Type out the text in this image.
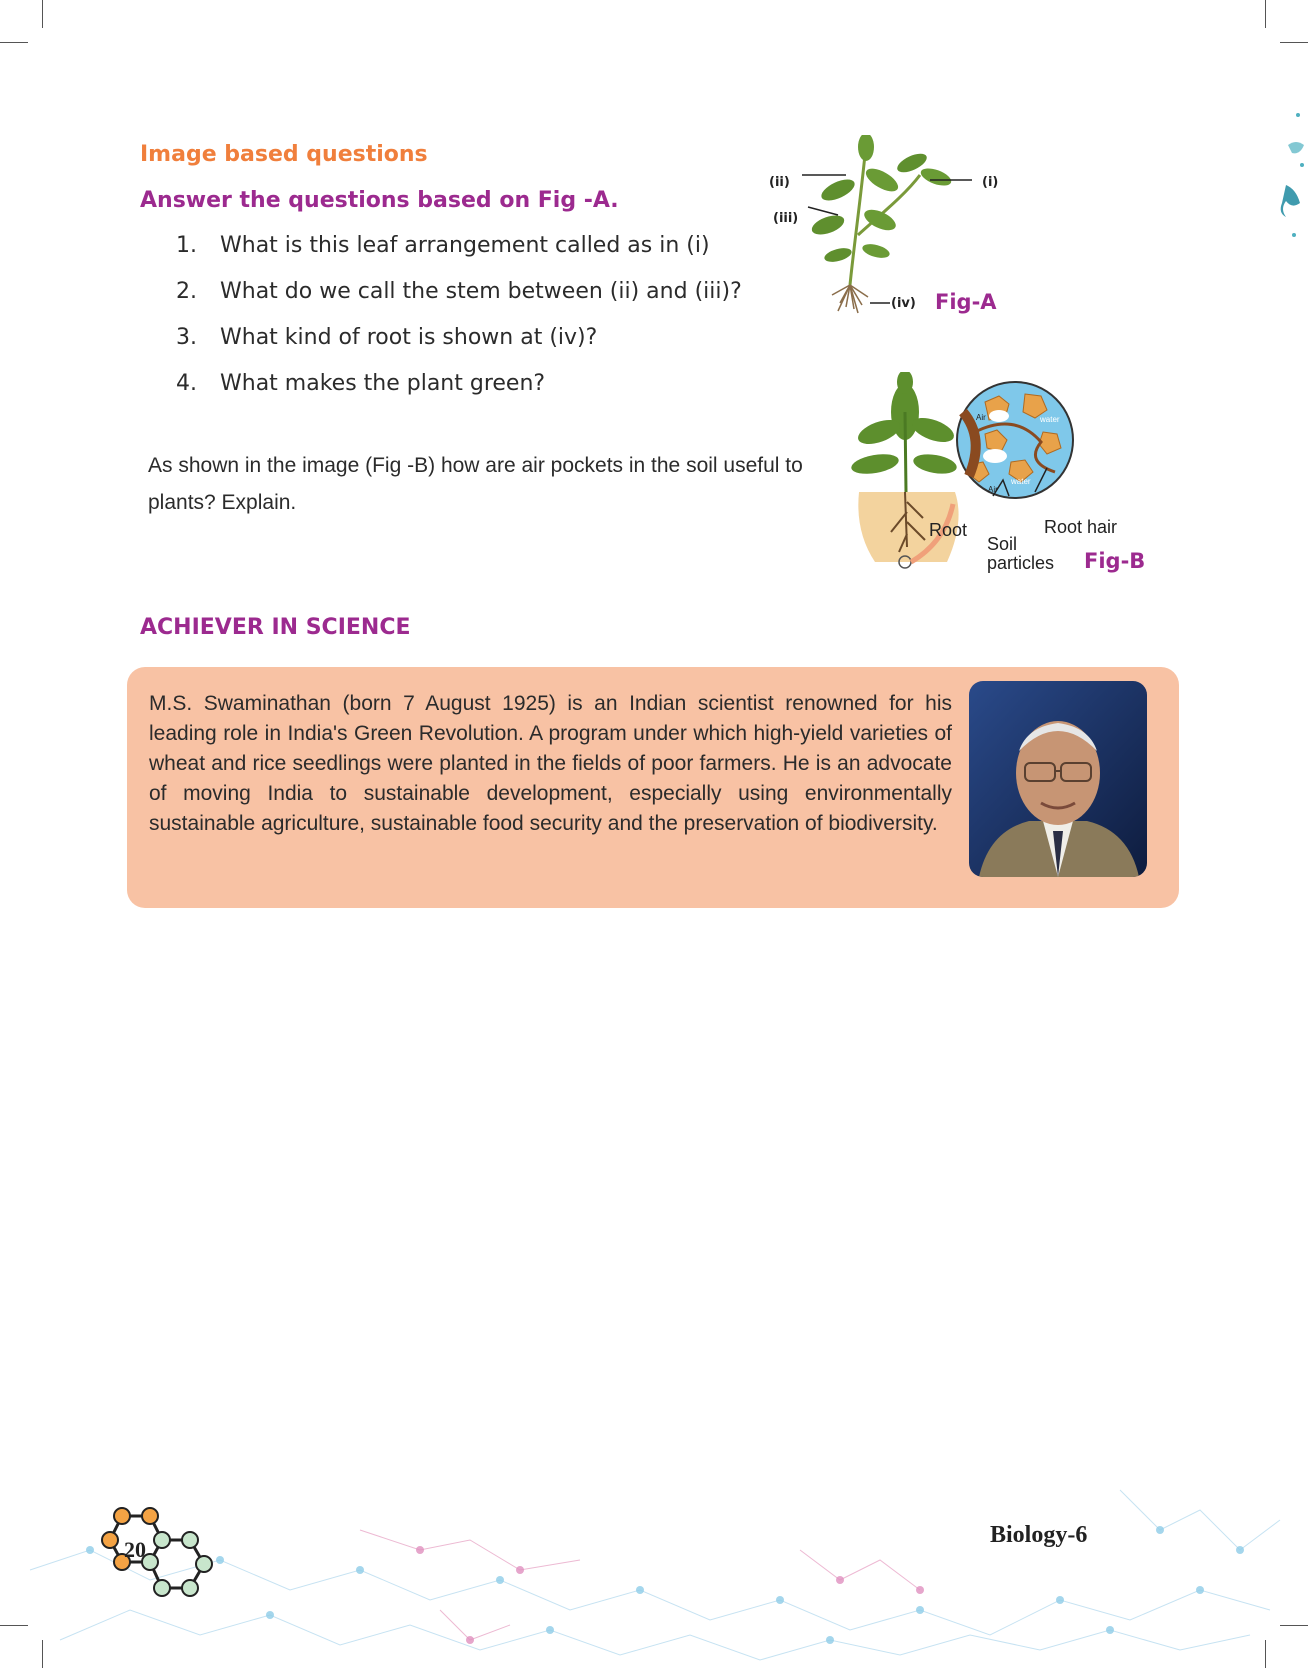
Image based questions
Answer the questions based on Fig -A.
1. What is this leaf arrangement called as in (i)
2. What do we call the stem between (ii) and (iii)?
3. What kind of root is shown at (iv)?
4. What makes the plant green?
As shown in the image (Fig -B) how are air pockets in the soil useful to plants? Explain.
(ii)	(i)
(iii)
(iv) Fig-A
Air	water
Air
water
Root	Root hair
Soil
particles Fig-B
ACHIEVER IN SCIENCE
M.S. Swaminathan (born 7 August 1925) is an Indian scientist renowned for his leading role in India's Green Revolution. A program under which high-yield varieties of wheat and rice seedlings were planted in the fields of poor farmers. He is an advocate of moving India to sustainable development, especially using environmentally sustainable agriculture, sustainable food security and the preservation of biodiversity.
20
Biology-6
